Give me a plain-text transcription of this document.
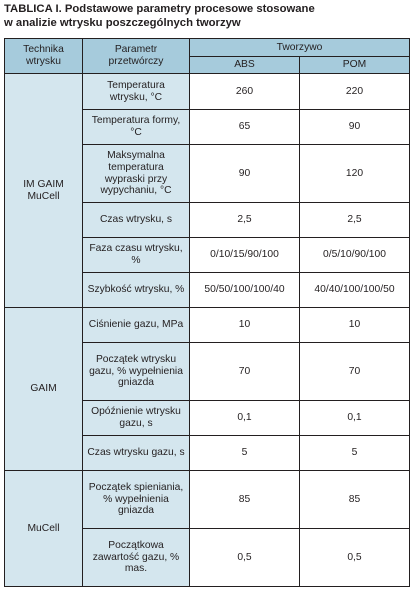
TABLICA I. Podstawowe parametry procesowe stosowane
w analizie wtrysku poszczególnych tworzyw
Technika wtrysku	Parametr przetwórczy	Tworzywo	
		ABS	POM
IM GAIM MuCell	Temperatura wtrysku, °C	260	220
	Temperatura formy, °C	65	90
	Maksymalna temperatura wypraski przy wypychaniu, °C	90	120
	Czas wtrysku, s	2,5	2,5
	Faza czasu wtrysku, %	0/10/15/90/100	0/5/10/90/100
	Szybkość wtrysku, %	50/50/100/100/40	40/40/100/100/50
GAIM	Ciśnienie gazu, MPa	10	10
	Początek wtrysku gazu, % wypełnienia gniazda	70	70
	Opóźnienie wtrysku gazu, s	0,1	0,1
	Czas wtrysku gazu, s	5	5
MuCell	Początek spieniania, % wypełnienia gniazda	85	85
	Początkowa zawartość gazu, % mas.	0,5	0,5
